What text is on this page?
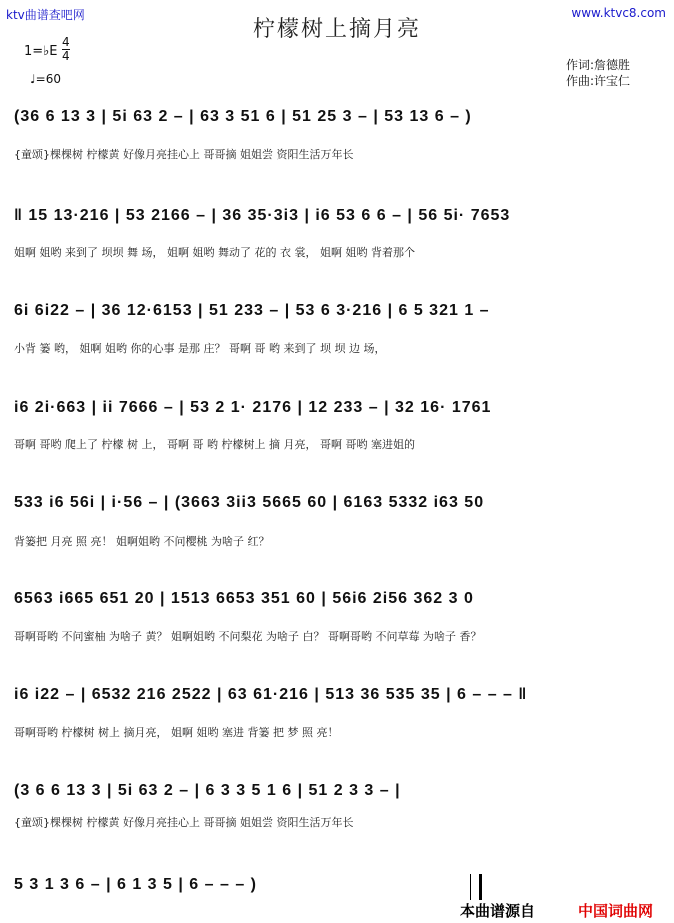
ktv曲谱查吧网	www.ktvc8.com
柠檬树上摘月亮
1=♭E
4
4
♩=60
作词:詹德胜
作曲:许宝仁
(36 6 13 3 | 5i 63 2 – | 63 3 51 6 | 51 25 3 – | 53 13 6 – )
{童颂}棵棵树 柠檬黄 好像月亮挂心上 哥哥摘 姐姐尝 资阳生活万年长
‖ 15 13·216 | 53 2166 – | 36 35·3i3 | i6 53 6 6 – | 56 5i· 7653
姐啊 姐哟 来到了 坝坝 舞 场， 姐啊 姐哟 舞动了 花的 衣 裳， 姐啊 姐哟 背着那个
6i 6i22 – | 36 12·6153 | 51 233 – | 53 6 3·216 | 6 5 321 1 –
小背 篓 哟， 姐啊 姐哟 你的心事 是那 庄？ 哥啊 哥 哟 来到了 坝 坝 边 场，
i6 2i·663 | ii 7666 – | 53 2 1· 2176 | 12 233 – | 32 16· 1761
哥啊 哥哟 爬上了 柠檬 树 上， 哥啊 哥 哟 柠檬树上 摘 月亮， 哥啊 哥哟 塞进姐的
533 i6 56i | i·56 – | (3663 3ii3 5665 60 | 6163 5332 i63 50
背篓把 月亮 照 亮！ 姐啊姐哟 不问樱桃 为啥子 红？
6563 i665 651 20 | 1513 6653 351 60 | 56i6 2i56 362 3 0
哥啊哥哟 不问蜜柚 为啥子 黄？ 姐啊姐哟 不问梨花 为啥子 白？ 哥啊哥哟 不问草莓 为啥子 香？
i6 i22 – | 6532 216 2522 | 63 61·216 | 513 36 535 35 | 6 – – – ‖
哥啊哥哟 柠檬树 树上 摘月亮， 姐啊 姐哟 塞进 背篓 把 梦 照 亮！
(3 6 6 13 3 | 5i 63 2 – | 6 3 3 5 1 6 | 51 2 3 3 – |
{童颂}棵棵树 柠檬黄 好像月亮挂心上 哥哥摘 姐姐尝 资阳生活万年长
5 3 1 3 6 – | 6 1 3 5 | 6 – – – )
本曲谱源自	中国词曲网
